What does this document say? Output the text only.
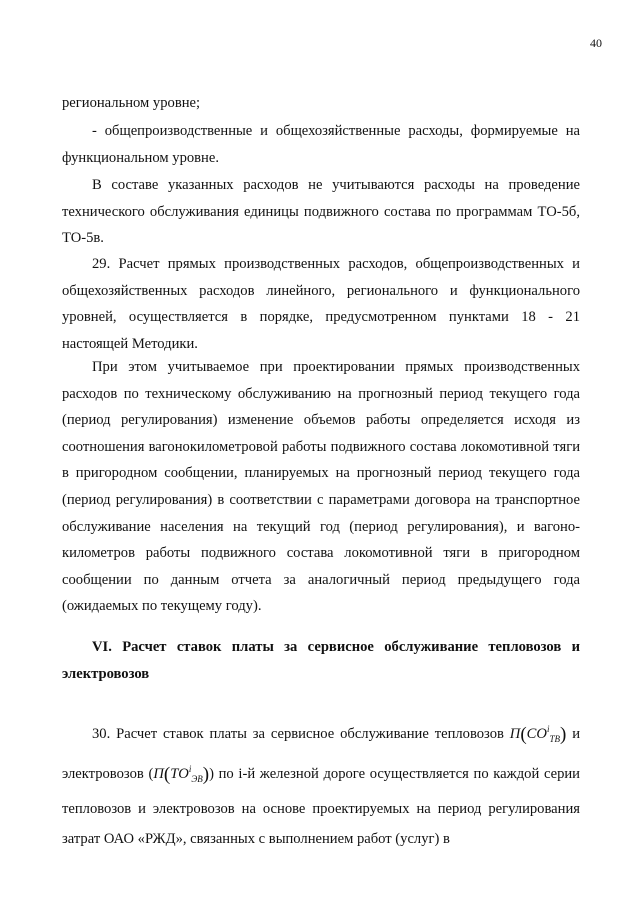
40

региональном уровне;

- общепроизводственные и общехозяйственные расходы, формируемые на функциональном уровне.

В составе указанных расходов не учитываются расходы на проведение технического обслуживания единицы подвижного состава по программам ТО-5б, ТО-5в.

29. Расчет прямых производственных расходов, общепроизводственных и общехозяйственных расходов линейного, регионального и функционального уровней, осуществляется в порядке, предусмотренном пунктами 18 - 21 настоящей Методики.

При этом учитываемое при проектировании прямых производственных расходов по техническому обслуживанию на прогнозный период текущего года (период регулирования) изменение объемов работы определяется исходя из соотношения вагонокилометровой работы подвижного состава локомотивной тяги в пригородном сообщении, планируемых на прогнозный период текущего года (период регулирования) в соответствии с параметрами договора на транспортное обслуживание населения на текущий год (период регулирования), и вагоно-километров работы подвижного состава локомотивной тяги в пригородном сообщении по данным отчета за аналогичный период предыдущего года (ожидаемых по текущему году).

VI. Расчет ставок платы за сервисное обслуживание тепловозов и электровозов

30. Расчет ставок платы за сервисное обслуживание тепловозов $П(СО^i_{ТВ})$ и электровозов $(П(ТО^i_{ЭВ}))$ по i-й железной дороге осуществляется по каждой серии тепловозов и электровозов на основе проектируемых на период регулирования затрат ОАО «РЖД», связанных с выполнением работ (услуг) в
